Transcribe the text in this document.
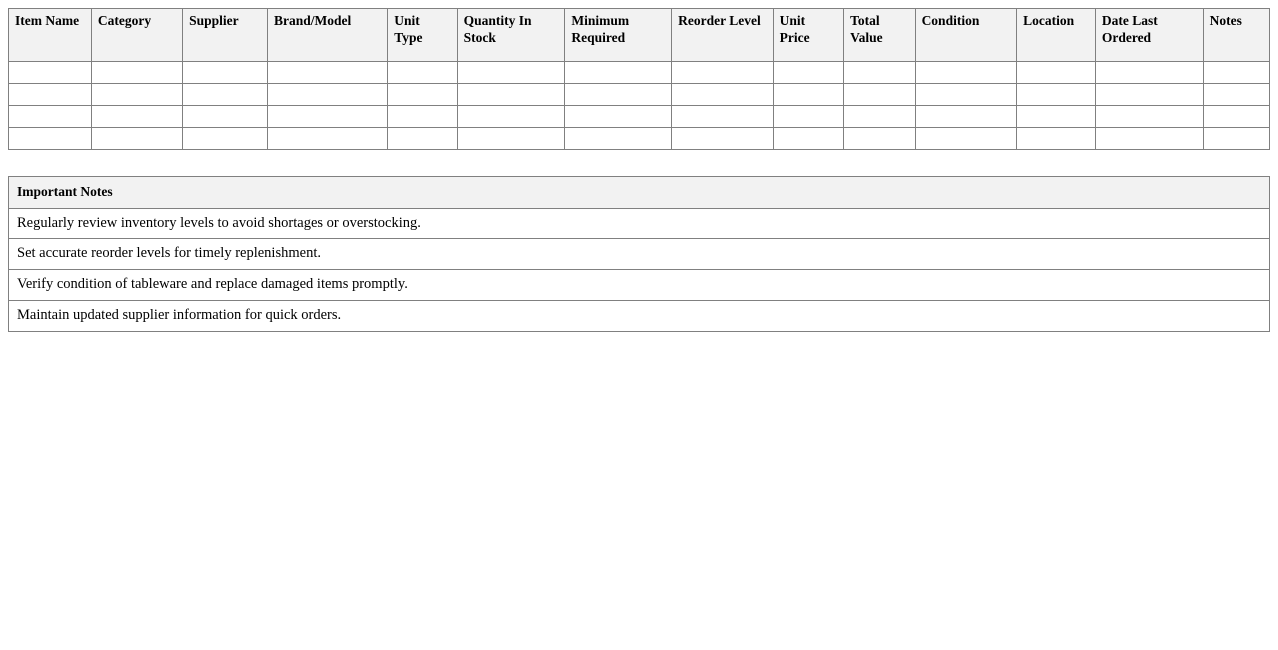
Item Name	Category	Supplier	Brand/Model	Unit Type	Quantity In Stock	Minimum Required	Reorder Level	Unit Price	Total Value	Condition	Location	Date Last Ordered	Notes

Important Notes
Regularly review inventory levels to avoid shortages or overstocking.
Set accurate reorder levels for timely replenishment.
Verify condition of tableware and replace damaged items promptly.
Maintain updated supplier information for quick orders.
